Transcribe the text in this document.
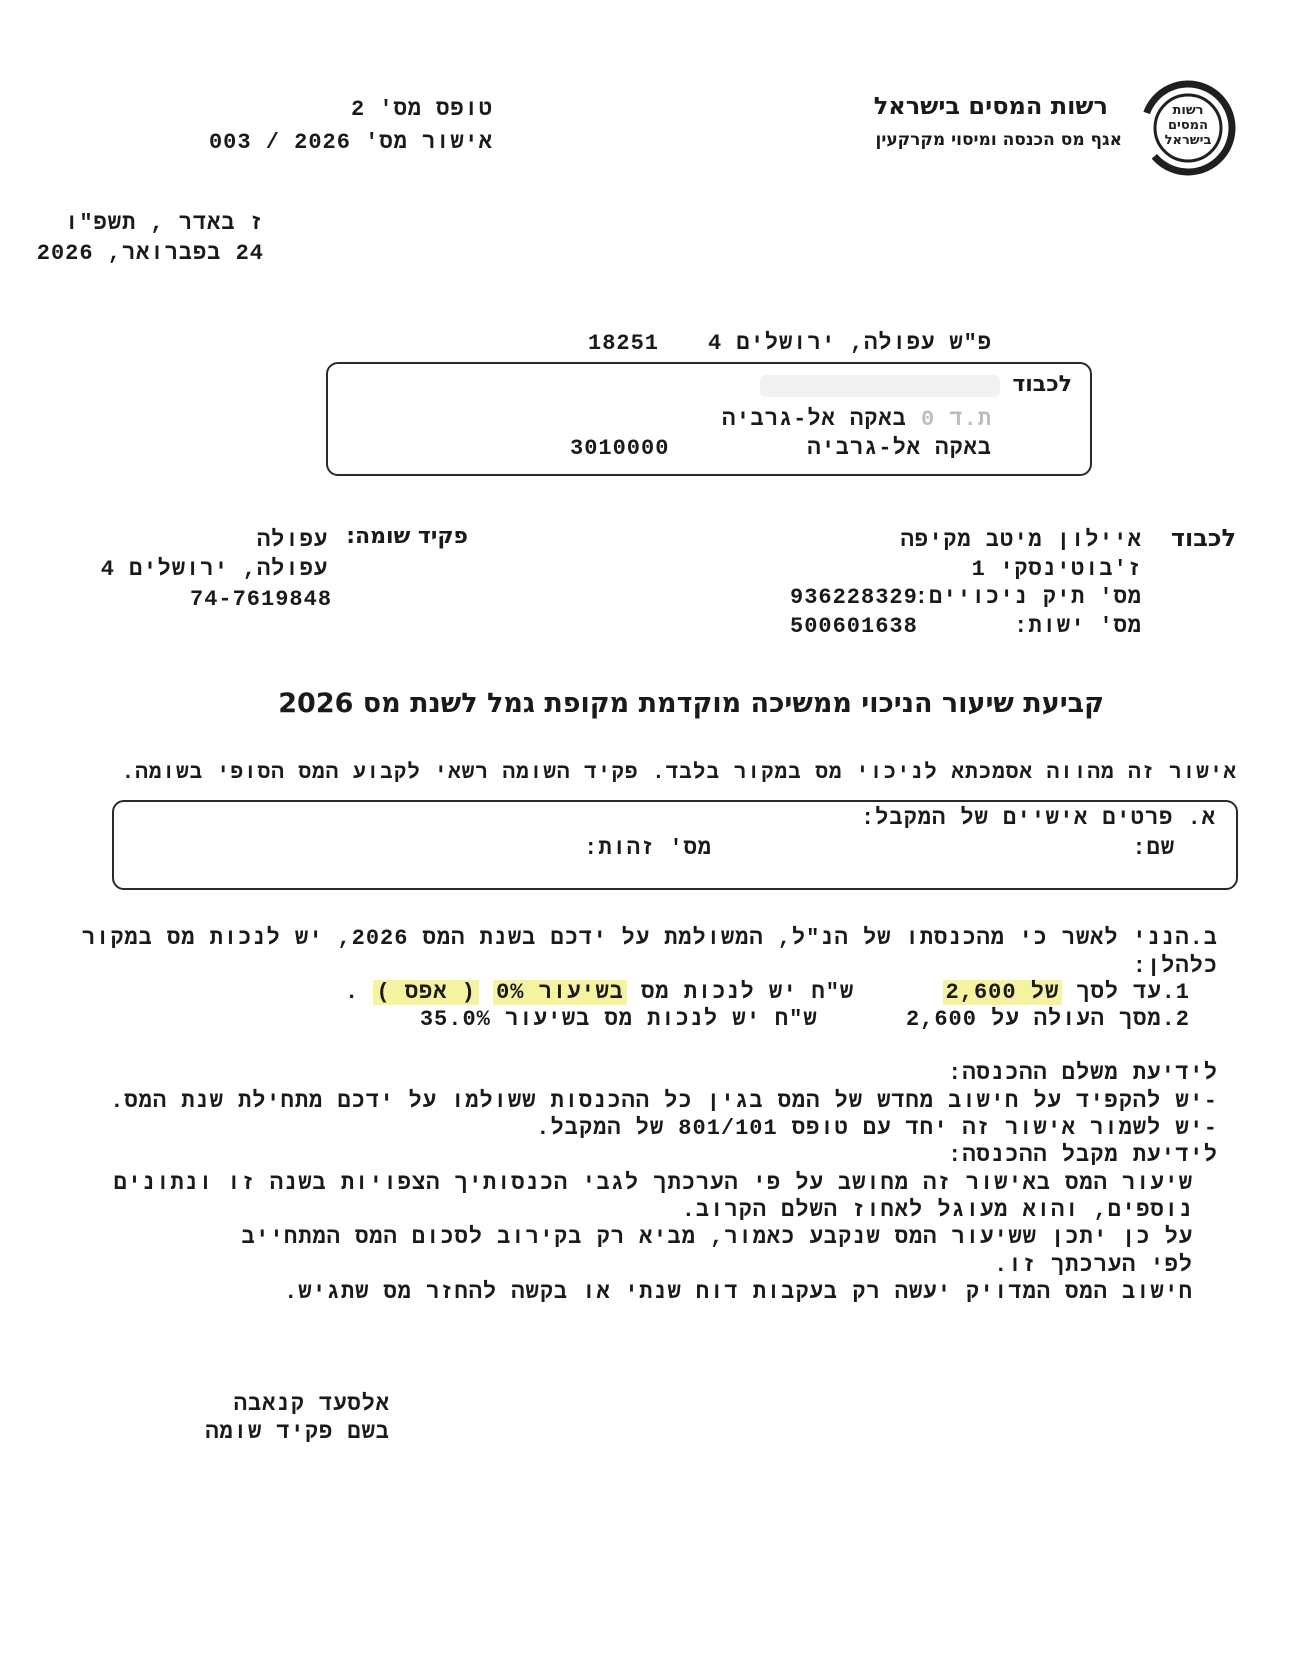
רשות
המסים
בישראל
רשות המסים בישראל
אגף מס הכנסה ומיסוי מקרקעין
טופס מס' 2
אישור מס' 2026 / 003
ז באדר , תשפ"ו
24 בפברואר, 2026
פ"ש עפולה, ירושלים 4
18251
לכבוד
ת.ד 0 באקה אל-גרביה
באקה אל-גרביה
3010000
לכבוד
איילון מיטב מקיפה
ז'בוטינסקי 1
מס' תיק ניכויים:
936228329
מס' ישות:
500601638
פקיד שומה:
עפולה
עפולה, ירושלים 4
74-7619848
קביעת שיעור הניכוי ממשיכה מוקדמת מקופת גמל לשנת מס 2026
אישור זה מהווה אסמכתא לניכוי מס במקור בלבד. פקיד השומה רשאי לקבוע המס הסופי בשומה.
א. פרטים אישיים של המקבל:
שם:
מס' זהות:
ב.הנני לאשר כי מהכנסתו של הנ"ל, המשולמת על ידכם בשנת המס 2026, יש לנכות מס במקור
כלהלן:
1.עד לסך של 2,600  ש"ח יש לנכות מס בשיעור 0% ( אפס ) .
2.מסך העולה על 2,600  ש"ח יש לנכות מס בשיעור 35.0%
לידיעת משלם ההכנסה:
-יש להקפיד על חישוב מחדש של המס בגין כל ההכנסות ששולמו על ידכם מתחילת שנת המס.
-יש לשמור אישור זה יחד עם טופס 801/101 של המקבל.
לידיעת מקבל ההכנסה:
שיעור המס באישור זה מחושב על פי הערכתך לגבי הכנסותיך הצפויות בשנה זו ונתונים
נוספים, והוא מעוגל לאחוז השלם הקרוב.
על כן יתכן ששיעור המס שנקבע כאמור, מביא רק בקירוב לסכום המס המתחייב
לפי הערכתך זו.
חישוב המס המדויק יעשה רק בעקבות דוח שנתי או בקשה להחזר מס שתגיש.
אלסעד קנאבה
בשם פקיד שומה
